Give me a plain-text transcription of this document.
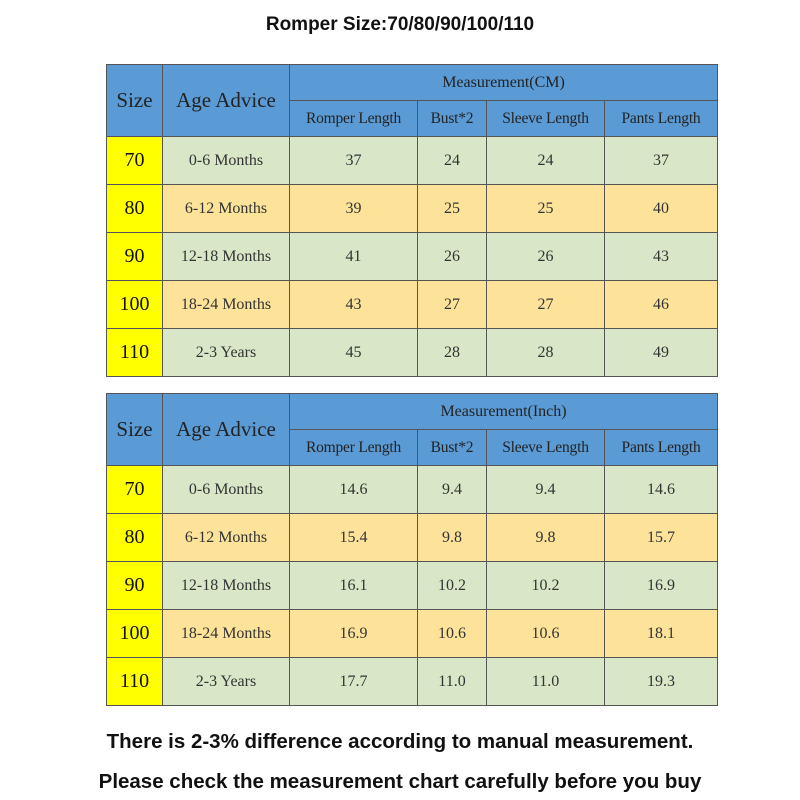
Romper Size:70/80/90/100/110
Size	Age Advice	Measurement(CM)			
		Romper Length	Bust*2	Sleeve Length	Pants Length
70	0-6 Months	37	24	24	37
80	6-12 Months	39	25	25	40
90	12-18 Months	41	26	26	43
100	18-24 Months	43	27	27	46
110	2-3 Years	45	28	28	49
Size	Age Advice	Measurement(Inch)			
		Romper Length	Bust*2	Sleeve Length	Pants Length
70	0-6 Months	14.6	9.4	9.4	14.6
80	6-12 Months	15.4	9.8	9.8	15.7
90	12-18 Months	16.1	10.2	10.2	16.9
100	18-24 Months	16.9	10.6	10.6	18.1
110	2-3 Years	17.7	11.0	11.0	19.3
There is 2-3% difference according to manual measurement.
Please check the measurement chart carefully before you buy
